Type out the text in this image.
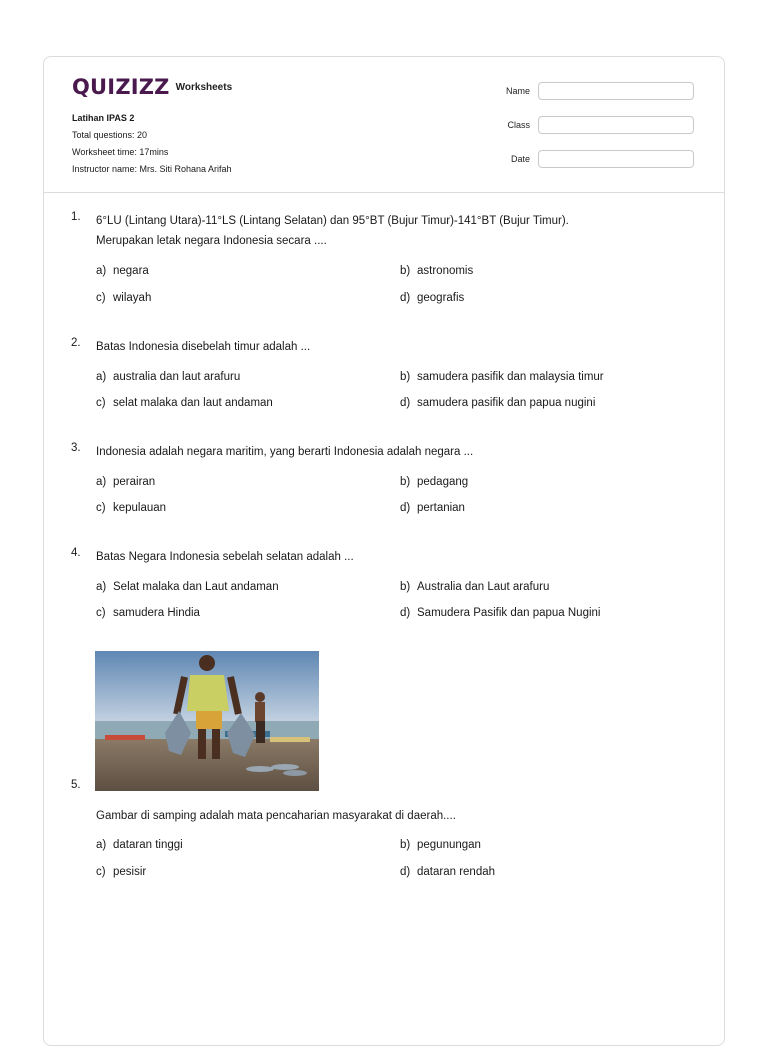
QUIZIZZ Worksheets
Latihan IPAS 2
Total questions: 20
Worksheet time: 17mins
Instructor name: Mrs. Siti Rohana Arifah
Name
Class
Date
1. 6°LU (Lintang Utara)-11°LS (Lintang Selatan) dan 95°BT (Bujur Timur)-141°BT (Bujur Timur).
Merupakan letak negara Indonesia secara ....
a) negara	b) astronomis
c) wilayah	d) geografis
2. Batas Indonesia disebelah timur adalah ...
a) australia dan laut arafuru	b) samudera pasifik dan malaysia timur
c) selat malaka dan laut andaman	d) samudera pasifik dan papua nugini
3. Indonesia adalah negara maritim, yang berarti Indonesia adalah negara ...
a) perairan	b) pedagang
c) kepulauan	d) pertanian
4. Batas Negara Indonesia sebelah selatan adalah ...
a) Selat malaka dan Laut andaman	b) Australia dan Laut arafuru
c) samudera Hindia	d) Samudera Pasifik dan papua Nugini
5.
Gambar di samping adalah mata pencaharian masyarakat di daerah....
a) dataran tinggi	b) pegunungan
c) pesisir	d) dataran rendah
